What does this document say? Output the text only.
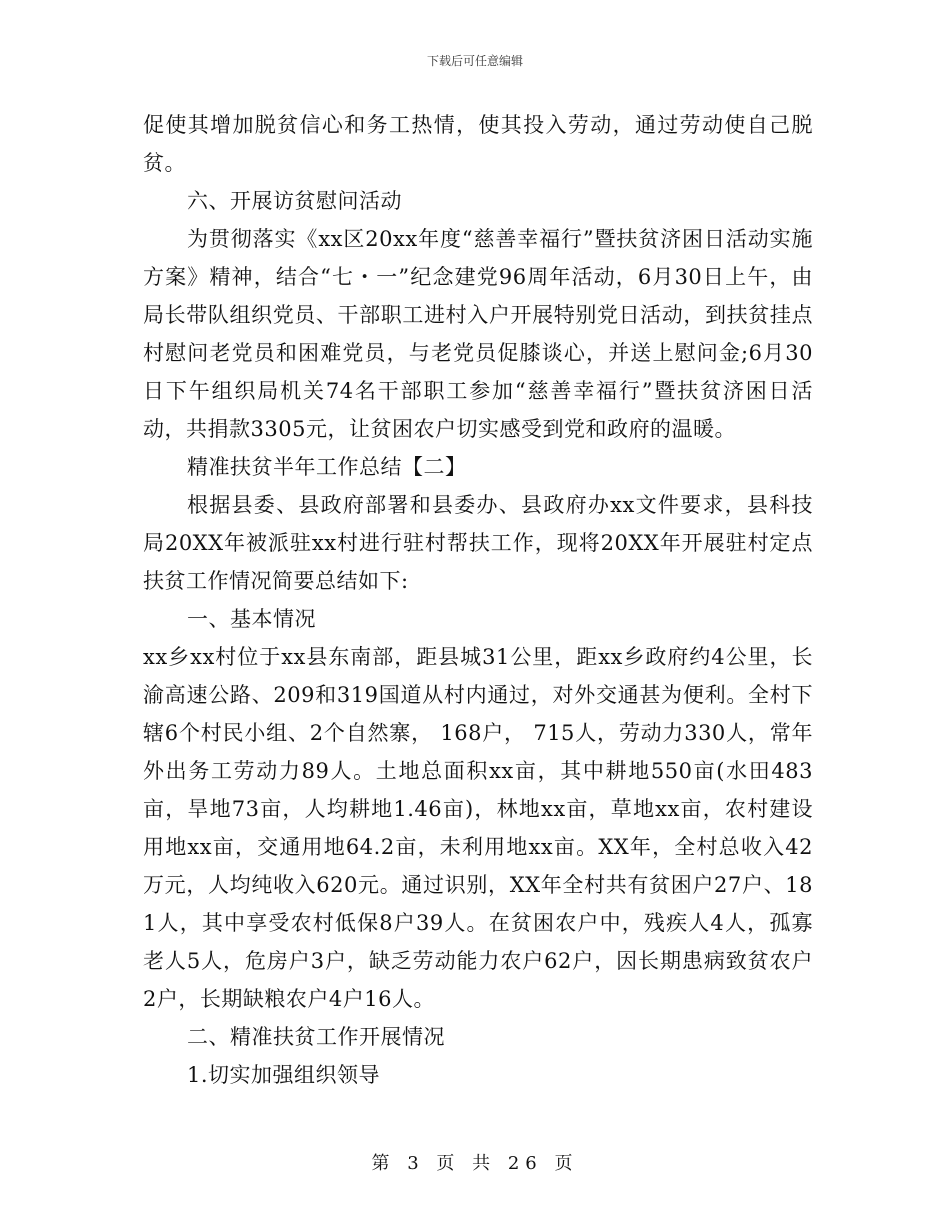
下载后可任意编辑

促使其增加脱贫信心和务工热情，使其投入劳动，通过劳动使自己脱贫。

六、开展访贫慰问活动

为贯彻落实《xx区20xx年度“慈善幸福行”暨扶贫济困日活动实施方案》精神，结合“七・一”纪念建党96周年活动，6月30日上午，由局长带队组织党员、干部职工进村入户开展特别党日活动，到扶贫挂点村慰问老党员和困难党员，与老党员促膝谈心，并送上慰问金;6月30日下午组织局机关74名干部职工参加“慈善幸福行”暨扶贫济困日活动，共捐款3305元，让贫困农户切实感受到党和政府的温暖。

精准扶贫半年工作总结【二】

根据县委、县政府部署和县委办、县政府办xx文件要求，县科技局20XX年被派驻xx村进行驻村帮扶工作，现将20XX年开展驻村定点扶贫工作情况简要总结如下:

一、基本情况

xx乡xx村位于xx县东南部，距县城31公里，距xx乡政府约4公里，长渝高速公路、209和319国道从村内通过，对外交通甚为便利。全村下辖6个村民小组、2个自然寨， 168户， 715人，劳动力330人，常年外出务工劳动力89人。土地总面积xx亩，其中耕地550亩(水田483亩，旱地73亩，人均耕地1.46亩)，林地xx亩，草地xx亩，农村建设用地xx亩，交通用地64.2亩，未利用地xx亩。XX年，全村总收入42万元，人均纯收入620元。通过识别，XX年全村共有贫困户27户、181人，其中享受农村低保8户39人。在贫困农户中，残疾人4人，孤寡老人5人，危房户3户，缺乏劳动能力农户62户，因长期患病致贫农户2户，长期缺粮农户4户16人。

二、精准扶贫工作开展情况

1.切实加强组织领导

第 3 页 共 26 页
